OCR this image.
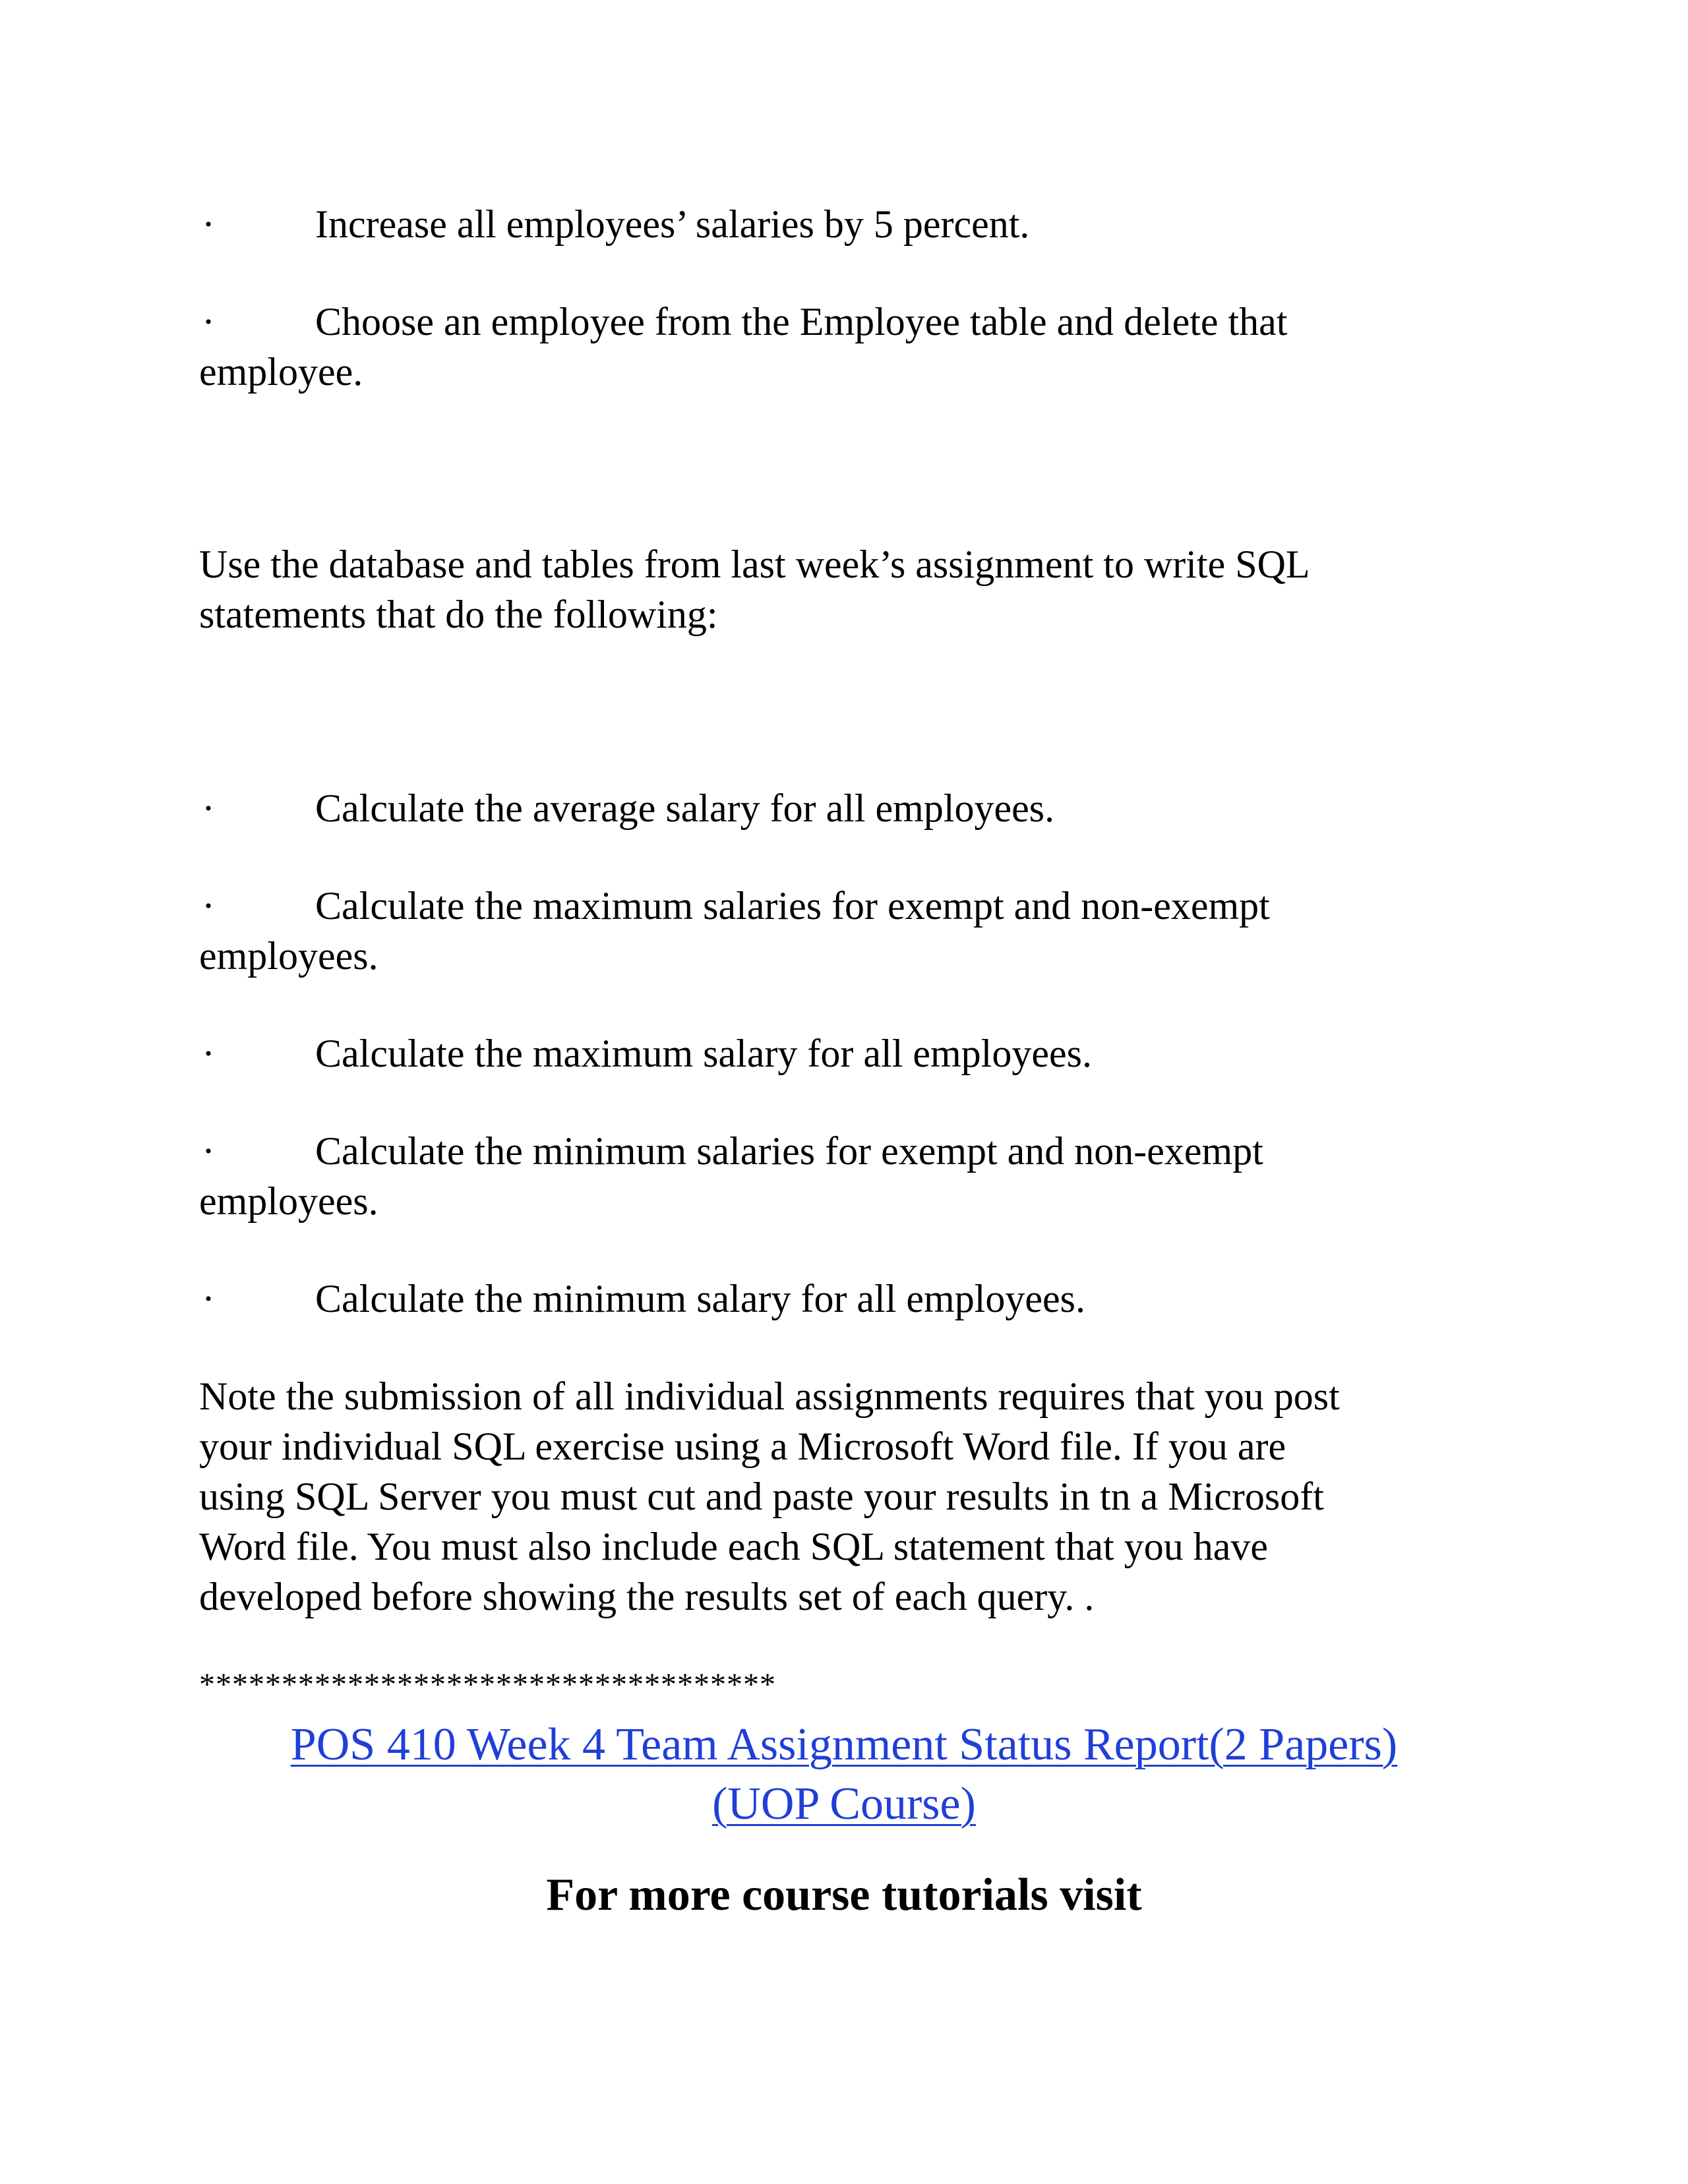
·	Increase all employees’ salaries by 5 percent.
·	Choose an employee from the Employee table and delete that
employee.
Use the database and tables from last week’s assignment to write SQL
statements that do the following:
·	Calculate the average salary for all employees.
·	Calculate the maximum salaries for exempt and non-exempt
employees.
·	Calculate the maximum salary for all employees.
·	Calculate the minimum salaries for exempt and non-exempt
employees.
·	Calculate the minimum salary for all employees.
Note the submission of all individual assignments requires that you post
your individual SQL exercise using a Microsoft Word file. If you are
using SQL Server you must cut and paste your results in tn a Microsoft
Word file. You must also include each SQL statement that you have
developed before showing the results set of each query. .
***********************************
POS 410 Week 4 Team Assignment Status Report(2 Papers)
(UOP Course)
For more course tutorials visit
